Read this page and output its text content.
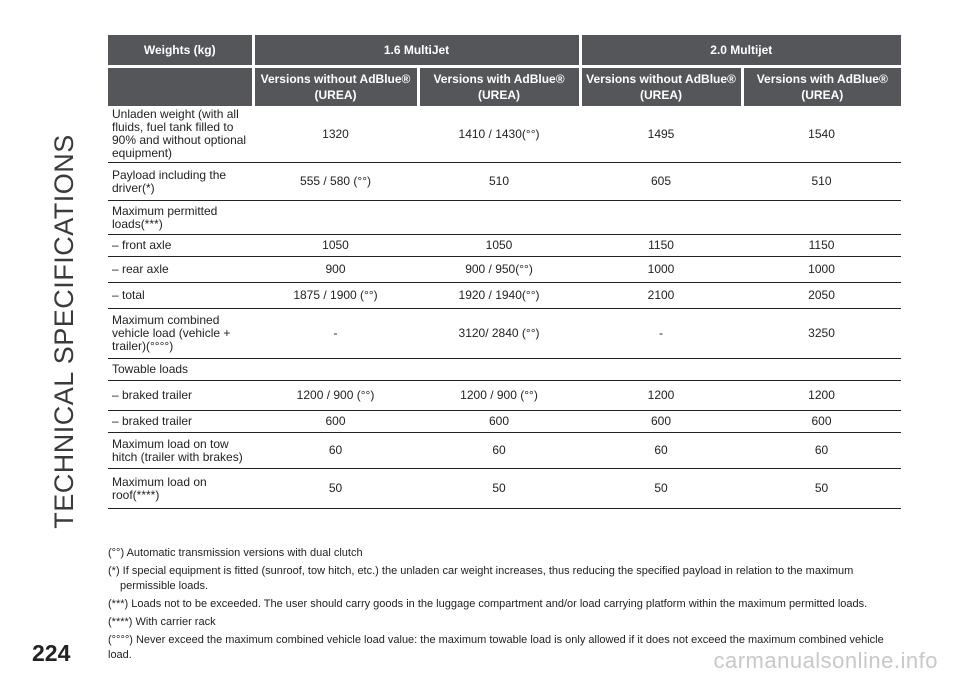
TECHNICAL SPECIFICATIONS
Weights (kg)	1.6 MultiJet		2.0 Multijet	
	Versions without AdBlue® (UREA)	Versions with AdBlue® (UREA)	Versions without AdBlue® (UREA)	Versions with AdBlue® (UREA)
Unladen weight (with all fluids, fuel tank filled to 90% and without optional equipment)	1320	1410 / 1430(°°)	1495	1540
Payload including the driver(*)	555 / 580 (°°)	510	605	510
Maximum permitted loads(***)				
– front axle	1050	1050	1150	1150
– rear axle	900	900 / 950(°°)	1000	1000
– total	1875 / 1900 (°°)	1920 / 1940(°°)	2100	2050
Maximum combined vehicle load (vehicle + trailer)(°°°°)	-	3120/ 2840 (°°)	-	3250
Towable loads				
– braked trailer	1200 / 900 (°°)	1200 / 900 (°°)	1200	1200
– braked trailer	600	600	600	600
Maximum load on tow hitch (trailer with brakes)	60	60	60	60
Maximum load on roof(****)	50	50	50	50

(°°) Automatic transmission versions with dual clutch

(*) If special equipment is fitted (sunroof, tow hitch, etc.) the unladen car weight increases, thus reducing the specified payload in relation to the maximum permissible loads.

(***) Loads not to be exceeded. The user should carry goods in the luggage compartment and/or load carrying platform within the maximum permitted loads.

(****) With carrier rack

(°°°°) Never exceed the maximum combined vehicle load value: the maximum towable load is only allowed if it does not exceed the maximum combined vehicle load.

224	carmanualsonline.info
